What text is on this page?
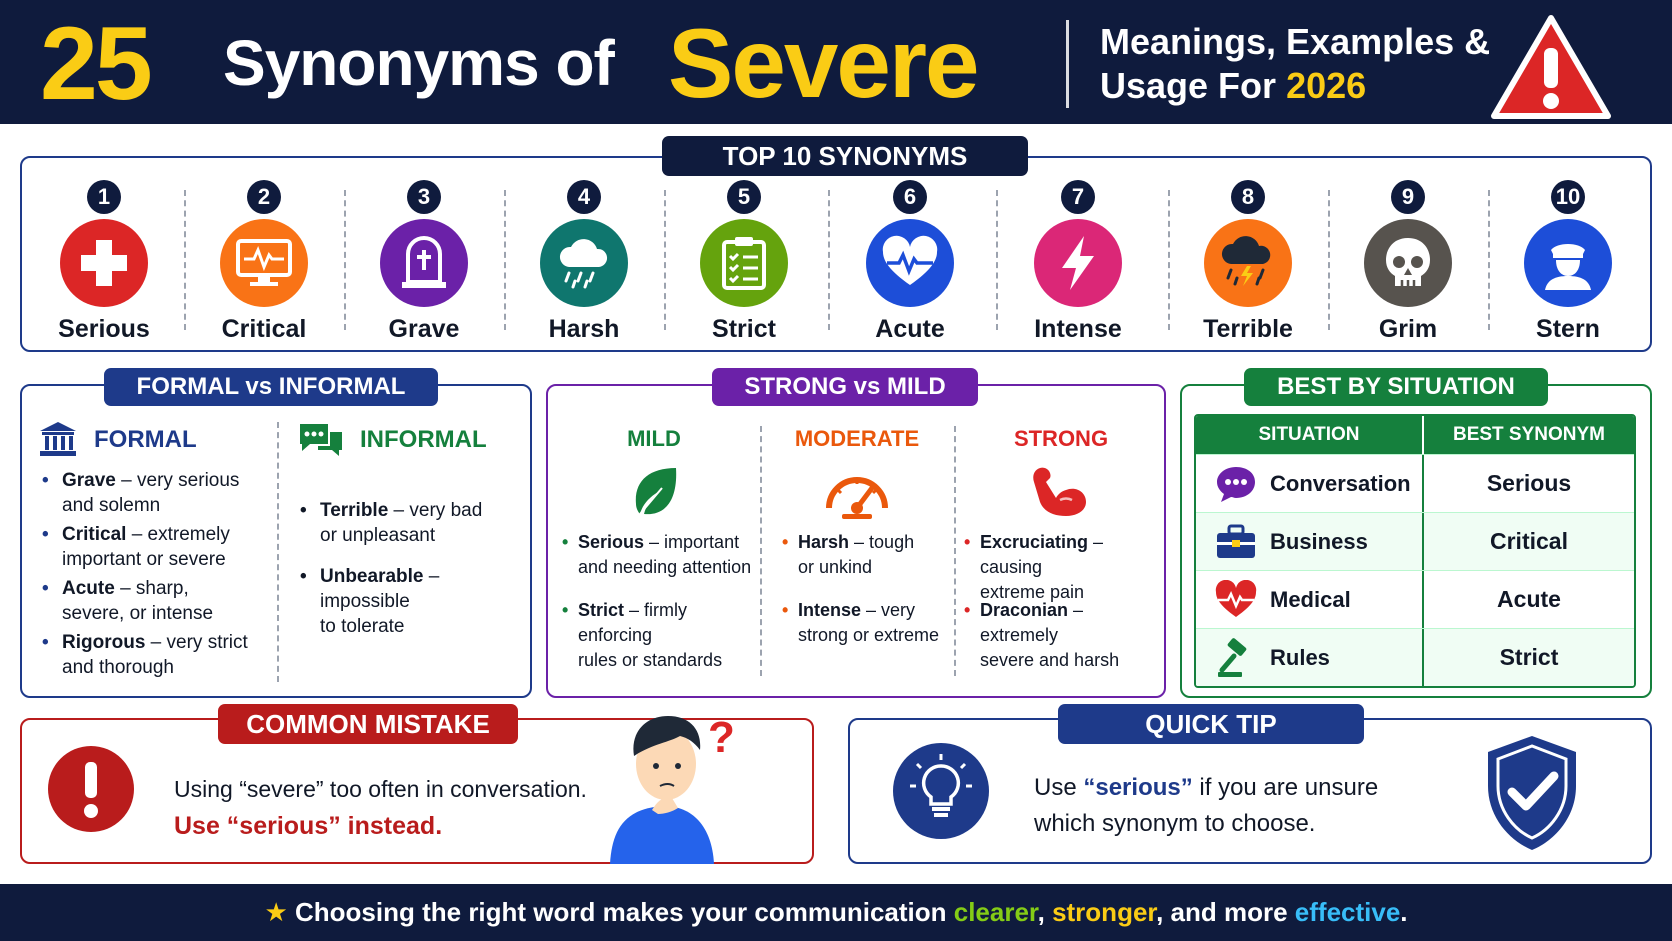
25 Synonyms of Severe	Meanings, Examples &
Usage For 2026
TOP 10 SYNONYMS
1
Serious
2
Critical
3
Grave
4
Harsh
5
Strict
6
Acute
7
Intense
8
Terrible
9
Grim
10
Stern
FORMAL vs INFORMAL
FORMAL	INFORMAL
• Grave – very serious
and solemn
• Critical – extremely
important or severe
• Acute – sharp,
severe, or intense
• Rigorous – very strict
and thorough
• Terrible – very bad
or unpleasant
• Unbearable – impossible
to tolerate
STRONG vs MILD
MILD	MODERATE	STRONG
• Serious – important
and needing attention
• Strict – firmly enforcing
rules or standards
• Harsh – tough
or unkind
• Intense – very
strong or extreme
• Excruciating – causing
extreme pain
• Draconian – extremely
severe and harsh
BEST BY SITUATION
SITUATION	BEST SYNONYM
Conversation	Serious
Business	Critical
Medical	Acute
Rules	Strict
COMMON MISTAKE
Using “severe” too often in conversation.
Use “serious” instead.
?	QUICK TIP
Use “serious” if you are unsure
which synonym to choose.
★ Choosing the right word makes your communication clearer, stronger, and more effective.
